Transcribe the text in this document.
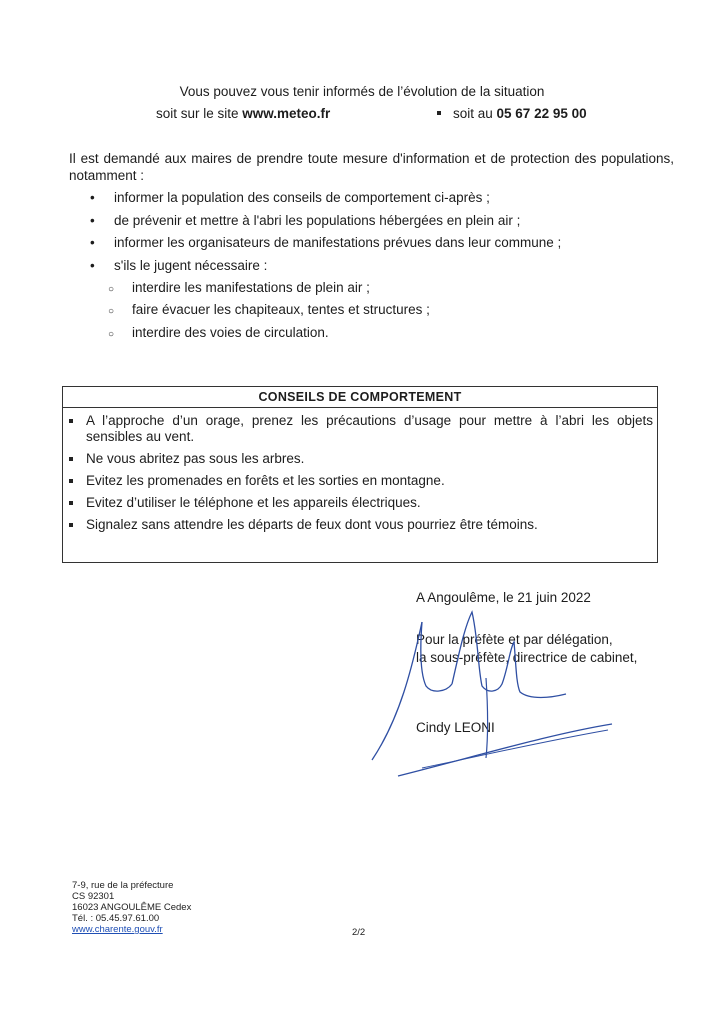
Vous pouvez vous tenir informés de l’évolution de la situation
soit sur le site www.meteo.fr	soit au 05 67 22 95 00
Il est demandé aux maires de prendre toute mesure d'information et de protection des populations, notamment :
• informer la population des conseils de comportement ci-après ;
• de prévenir et mettre à l'abri les populations hébergées en plein air ;
• informer les organisateurs de manifestations prévues dans leur commune ;
• s'ils le jugent nécessaire :
○ interdire les manifestations de plein air ;
○ faire évacuer les chapiteaux, tentes et structures ;
○ interdire des voies de circulation.
CONSEILS DE COMPORTEMENT
A l’approche d’un orage, prenez les précautions d’usage pour mettre à l’abri les objets sensibles au vent.
Ne vous abritez pas sous les arbres.
Evitez les promenades en forêts et les sorties en montagne.
Evitez d’utiliser le téléphone et les appareils électriques.
Signalez sans attendre les départs de feux dont vous pourriez être témoins.
A Angoulême, le 21 juin 2022
Pour la préfète et par délégation,
la sous-préfète, directrice de cabinet,
Cindy LEONI
7-9, rue de la préfecture
CS 92301
16023 ANGOULÊME Cedex
Tél. : 05.45.97.61.00
www.charente.gouv.fr	2/2
